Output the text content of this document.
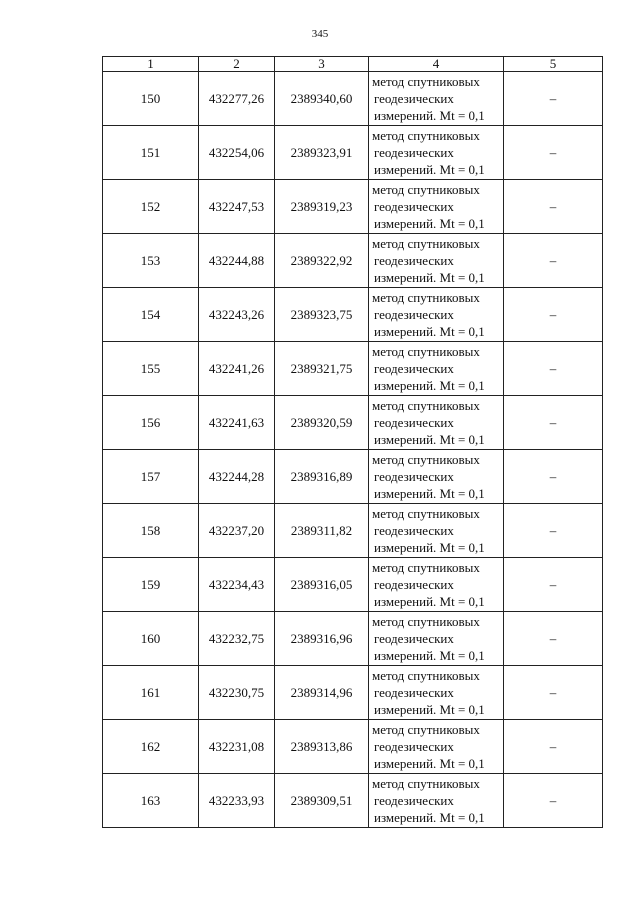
345
1	2	3	4	5
150	432277,26	2389340,60	метод спутниковых
геодезических
измерений. Mt = 0,1	–
151	432254,06	2389323,91	метод спутниковых
геодезических
измерений. Mt = 0,1	–
152	432247,53	2389319,23	метод спутниковых
геодезических
измерений. Mt = 0,1	–
153	432244,88	2389322,92	метод спутниковых
геодезических
измерений. Mt = 0,1	–
154	432243,26	2389323,75	метод спутниковых
геодезических
измерений. Mt = 0,1	–
155	432241,26	2389321,75	метод спутниковых
геодезических
измерений. Mt = 0,1	–
156	432241,63	2389320,59	метод спутниковых
геодезических
измерений. Mt = 0,1	–
157	432244,28	2389316,89	метод спутниковых
геодезических
измерений. Mt = 0,1	–
158	432237,20	2389311,82	метод спутниковых
геодезических
измерений. Mt = 0,1	–
159	432234,43	2389316,05	метод спутниковых
геодезических
измерений. Mt = 0,1	–
160	432232,75	2389316,96	метод спутниковых
геодезических
измерений. Mt = 0,1	–
161	432230,75	2389314,96	метод спутниковых
геодезических
измерений. Mt = 0,1	–
162	432231,08	2389313,86	метод спутниковых
геодезических
измерений. Mt = 0,1	–
163	432233,93	2389309,51	метод спутниковых
геодезических
измерений. Mt = 0,1	–
